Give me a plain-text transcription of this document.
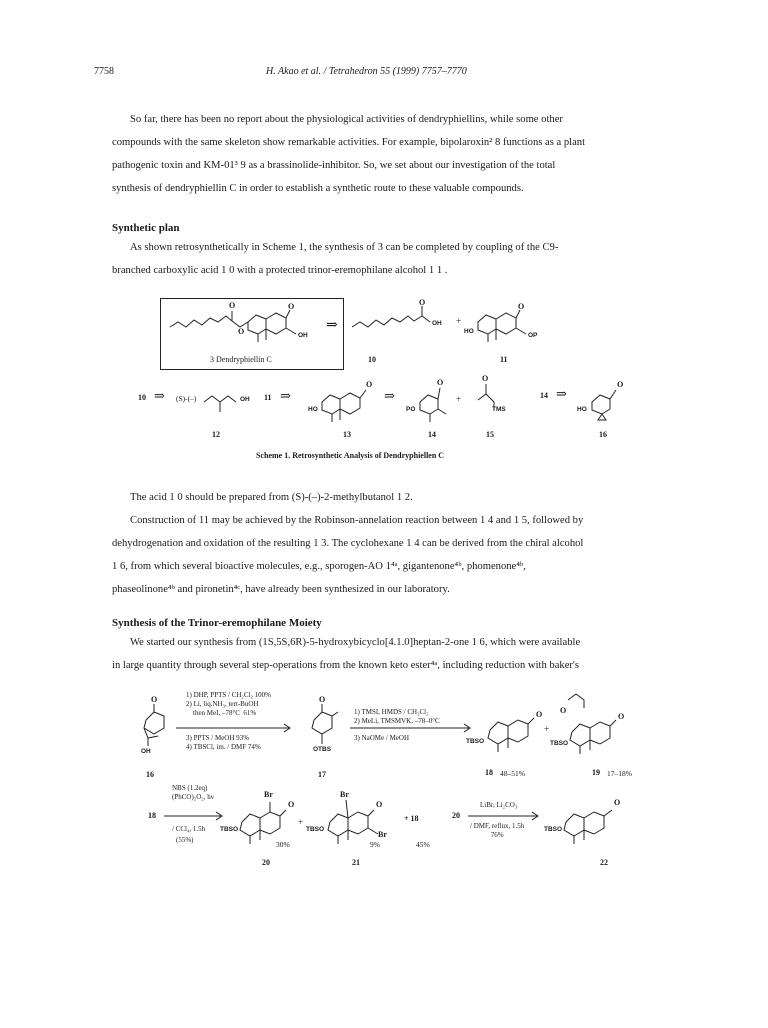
7758	H. Akao et al. / Tetrahedron 55 (1999) 7757–7770
So far, there has been no report about the physiological activities of dendryphiellins, while some other
compounds with the same skeleton show remarkable activities. For example, bipolaroxin² 8 functions as a plant
pathogenic toxin and KM-01³ 9 as a brassinolide-inhibitor. So, we set about our investigation of the total
synthesis of dendryphiellin C in order to establish a synthetic route to these valuable compounds.
Synthetic plan
As shown retrosynthetically in Scheme 1, the synthesis of 3 can be completed by coupling of the C9-
branched carboxylic acid 1 0 with a protected trinor-eremophilane alcohol 1 1 .
O
O
O
OH
3 Dendryphiellin C
⇒
O
OH +
HO
O
OP
10	11
10 ⇒ (S)-(–)	OH 11 ⇒
HO
O
⇒
PO
O
+
O
TMS
14 ⇒
HO
O
12	13	14	15	16
Scheme 1. Retrosynthetic Analysis of Dendryphiellen C
The acid 1 0 should be prepared from (S)-(–)-2-methylbutanol 1 2.
Construction of 11 may be achieved by the Robinson-annelation reaction between 1 4 and 1 5, followed by
dehydrogenation and oxidation of the resulting 1 3. The cyclohexane 1 4 can be derived from the chiral alcohol
1 6, from which several bioactive molecules, e.g., sporogen-AO 1⁴ᵃ, gigantenone⁴ᵇ, phomenone⁴ᵇ,
phaseolinone⁴ᵇ and pironetin⁴ᶜ, have already been synthesized in our laboratory.
Synthesis of the Trinor-eremophilane Moiety
We started our synthesis from (1S,5S,6R)-5-hydroxybicyclo[4.1.0]heptan-2-one 1 6, which were available
in large quantity through several step-operations from the known keto ester⁴ᵃ, including reduction with baker's
1) DHP, PPTS / CH₂Cl₂ 100%
2) Li, liq.NH₃, tert-BuOH
then MeI, –78°C  61%
3) PPTS / MeOH 93%
4) TBSCl, im. / DMF 74%
1) TMSI, HMDS / CH₂Cl₂
2) MeLi, TMSMVK, –78–0°C
3) NaOMe / MeOH
O
OH
O
OTBS
TBSO
O
+
O
TBSO
O
16	17	18 48–51%	19 17–18%
NBS (1.2eq)
(PhCO)₂O₂, hν
18
/ CCl₄, 1.5h
(55%)
Br
O
TBSO
30%
+
Br
O
TBSO
Br
9%
+ 18
45%
20
LiBr, Li₂CO₃
/ DMF, reflux, 1.5h
76%
O
TBSO
20	21	22
